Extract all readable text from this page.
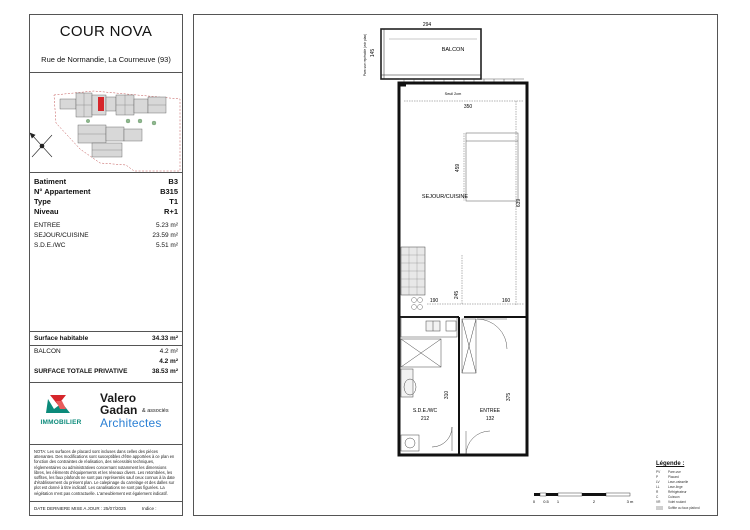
COUR NOVA
Rue de Normandie, La Courneuve (93)
Batiment	B3
N° Appartement	B315
Type	T1
Niveau	R+1
ENTREE	5.23 m²
SEJOUR/CUISINE	23.59 m²
S.D.E./WC	5.51 m²
Surface habitable	34.33 m²
BALCON	4.2 m²
4.2 m²
SURFACE TOTALE PRIVATIVE	38.53 m²
IMMOBILIER
Valero
Gadan & associés
Architectes
NOTA: Les surfaces de placard sont incluses dans celles des pièces attenantes. Des modifications sont susceptibles d'être apportées à ce plan en fonction des contraintes de réalisation, des nécessités techniques, réglementaires ou administratives concernant notamment les dimensions libres, les éléments d'équipements et les réseaux divers. Les retombées, les soffites, les faux plafonds ne sont pas représentés sauf ceux connus à la date d'établissement du présent plan. Le calepinage du carrelage et des dalles sur plot est donné à titre indicatif. Les canalisations ne sont pas figurées. La végétation n'est pas contractuelle. L'ameublement est également indicatif.
DATE DERNIERE MISE A JOUR : 25/07/2025	Indice :
BALCON
294
145
Pare-vue repérable (voir plan)
Seuil 2cm
350
639
459
SEJOUR/CUISINE
245
190	160
310
S.D.E./WC
212
375
ENTREE
132
0 0.5 1	2	3 m
Légende :
PV	Pare-vue
P	Placard
LV	Lave-vaisselle
LL	Lave-linge
R	Réfrigérateur
C	Cuisson
VR	Volet roulant
Soffite ou faux plafond
